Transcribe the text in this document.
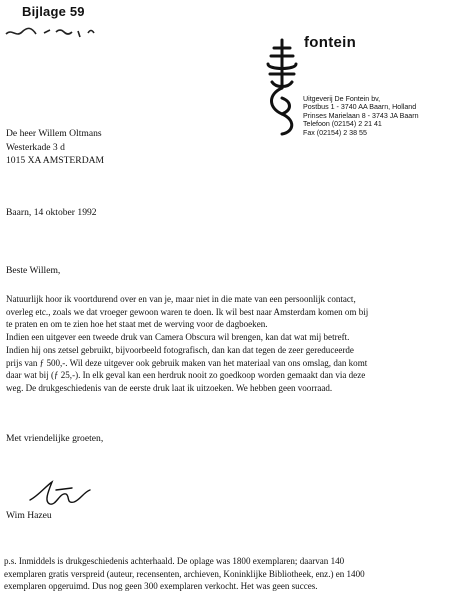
Bijlage 59
fontein
Uitgeverij De Fontein bv,
Postbus 1 - 3740 AA Baarn, Holland
Prinses Marielaan 8 - 3743 JA Baarn
Telefoon (02154) 2 21 41
Fax (02154) 2 38 55
De heer Willem Oltmans
Westerkade 3 d
1015 XA AMSTERDAM
Baarn, 14 oktober 1992
Beste Willem,
Natuurlijk hoor ik voortdurend over en van je, maar niet in die mate van een persoonlijk contact,
overleg etc., zoals we dat vroeger gewoon waren te doen. Ik wil best naar Amsterdam komen om bij
te praten en om te zien hoe het staat met de werving voor de dagboeken.
Indien een uitgever een tweede druk van Camera Obscura wil brengen, kan dat wat mij betreft.
Indien hij ons zetsel gebruikt, bijvoorbeeld fotografisch, dan kan dat tegen de zeer gereduceerde
prijs van ƒ 500,-. Wil deze uitgever ook gebruik maken van het materiaal van ons omslag, dan komt
daar wat bij (ƒ 25,-). In elk geval kan een herdruk nooit zo goedkoop worden gemaakt dan via deze
weg. De drukgeschiedenis van de eerste druk laat ik uitzoeken. We hebben geen voorraad.
Met vriendelijke groeten,
Wim Hazeu
p.s. Inmiddels is drukgeschiedenis achterhaald. De oplage was 1800 exemplaren; daarvan 140
exemplaren gratis verspreid (auteur, recensenten, archieven, Koninklijke Bibliotheek, enz.) en 1400
exemplaren opgeruimd. Dus nog geen 300 exemplaren verkocht. Het was geen succes.
